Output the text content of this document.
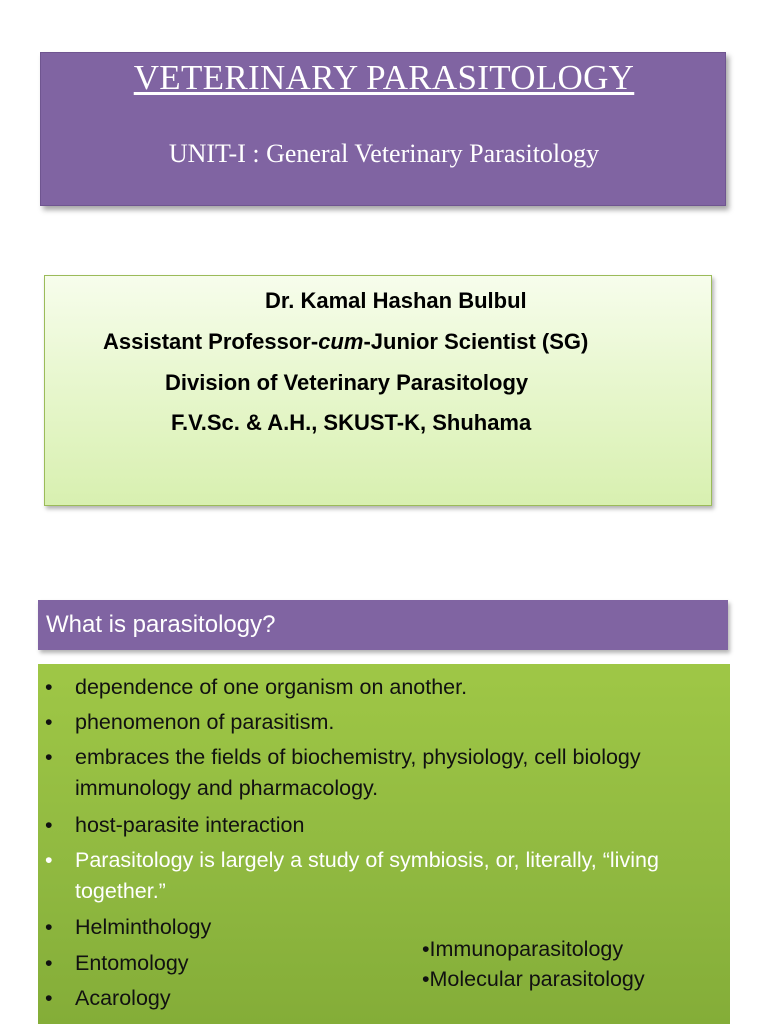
VETERINARY PARASITOLOGY
UNIT-I : General Veterinary Parasitology
Dr. Kamal Hashan Bulbul
Assistant Professor-cum-Junior Scientist (SG)
Division of Veterinary Parasitology
F.V.Sc. & A.H., SKUST-K, Shuhama
What is parasitology?
• dependence of one organism on another.
• phenomenon of parasitism.
• embraces the fields of biochemistry, physiology, cell biology immunology and pharmacology.
• host-parasite interaction
• Parasitology is largely a study of symbiosis, or, literally, “living together.”
• Helminthology
• Entomology
• Acarology
•Immunoparasitology
•Molecular parasitology
